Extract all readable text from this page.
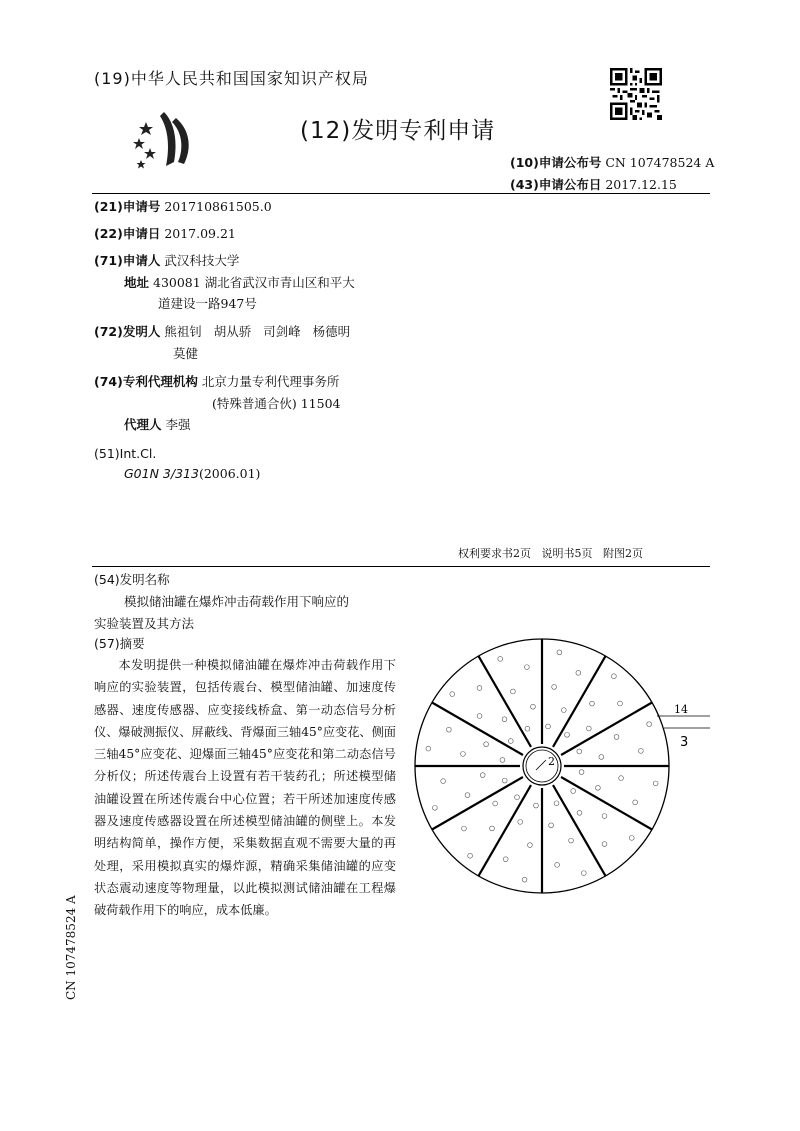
(19)中华人民共和国国家知识产权局
(12)发明专利申请
(10)申请公布号 CN 107478524 A
(43)申请公布日 2017.12.15
(21)申请号 201710861505.0
(22)申请日 2017.09.21
(71)申请人 武汉科技大学
地址 430081 湖北省武汉市青山区和平大
道建设一路947号
(72)发明人 熊祖钊   胡从骄   司剑峰   杨德明
莫健
(74)专利代理机构 北京力量专利代理事务所
(特殊普通合伙) 11504
代理人 李强
(51)Int.Cl.
G01N 3/313(2006.01)
权利要求书2页   说明书5页   附图2页
(54)发明名称
模拟储油罐在爆炸冲击荷载作用下响应的
实验装置及其方法
(57)摘要
本发明提供一种模拟储油罐在爆炸冲击荷载作用下响应的实验装置，包括传震台、模型储油罐、加速度传感器、速度传感器、应变接线桥盒、第一动态信号分析仪、爆破测振仪、屏蔽线、背爆面三轴45°应变花、侧面三轴45°应变花、迎爆面三轴45°应变花和第二动态信号分析仪；所述传震台上设置有若干装药孔；所述模型储油罐设置在所述传震台中心位置；若干所述加速度传感器及速度传感器设置在所述模型储油罐的侧壁上。本发明结构简单，操作方便，采集数据直观不需要大量的再处理，采用模拟真实的爆炸源，精确采集储油罐的应变状态震动速度等物理量，以此模拟测试储油罐在工程爆破荷载作用下的响应，成本低廉。
2
14
3
CN 107478524 A
